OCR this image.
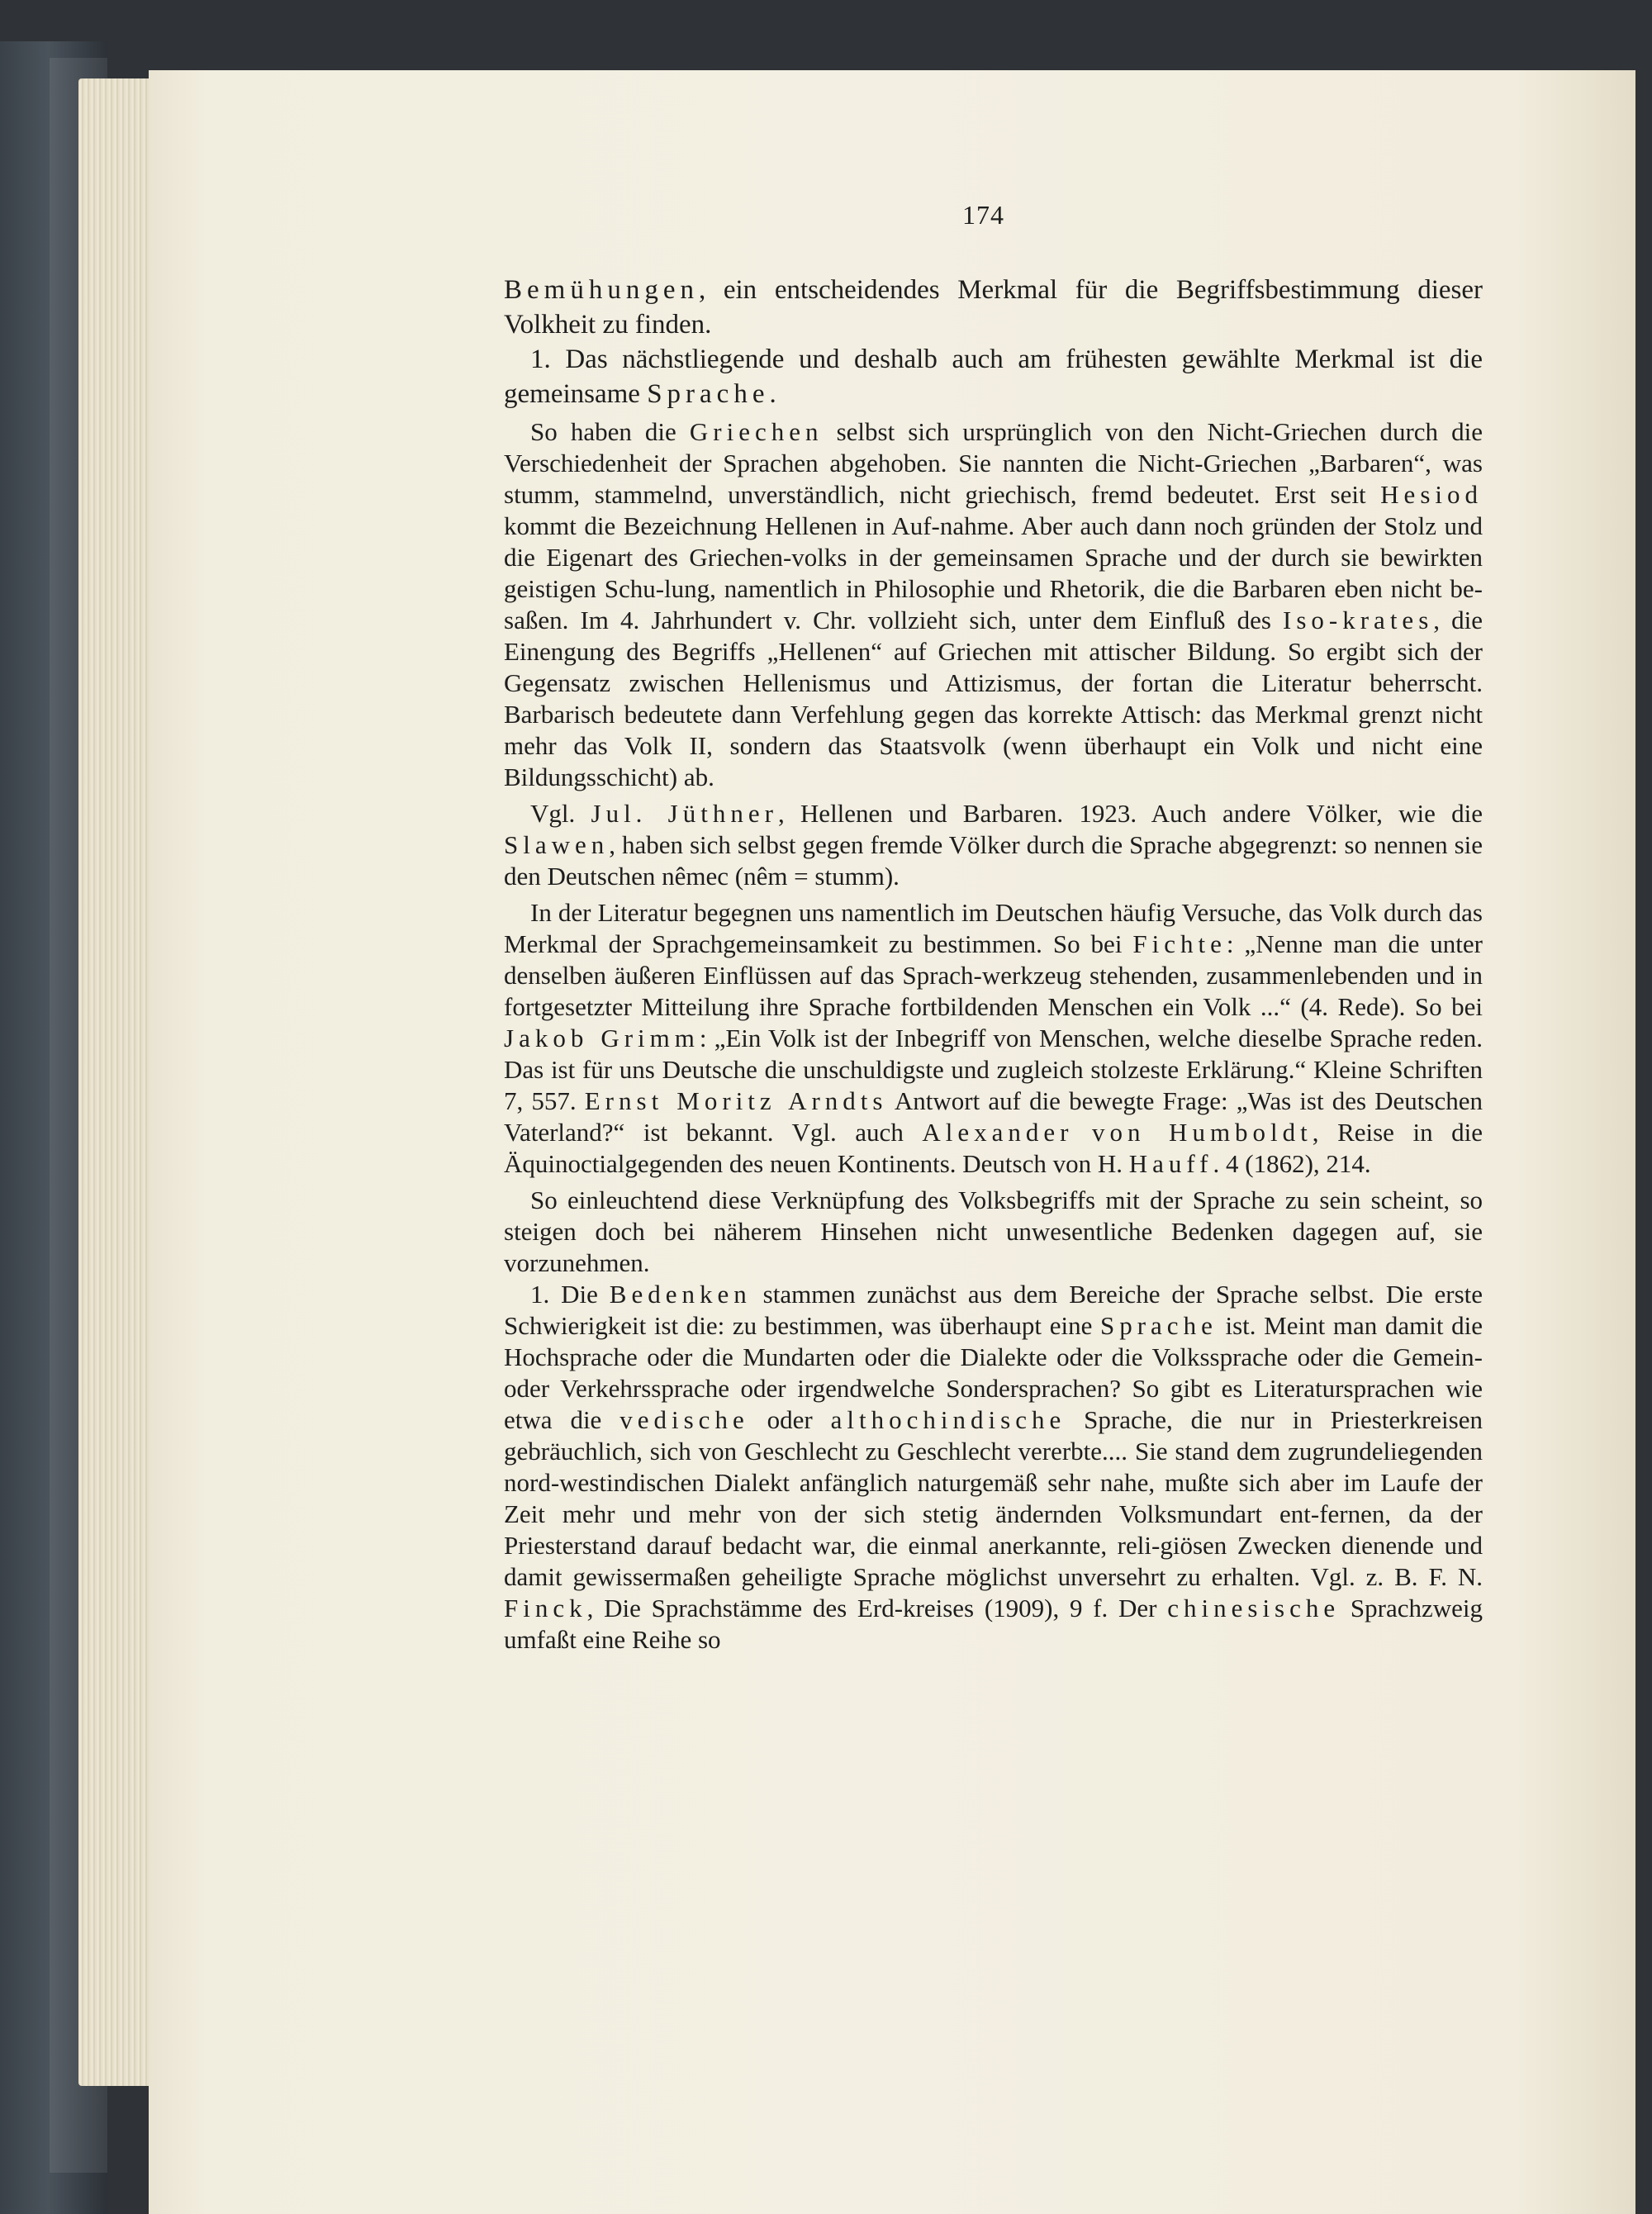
174

Bemühungen, ein entscheidendes Merkmal für die Begriffsbestimmung dieser Volkheit zu finden.

1. Das nächstliegende und deshalb auch am frühesten gewählte Merkmal ist die gemeinsame Sprache.

So haben die Griechen selbst sich ursprünglich von den Nicht-Griechen durch die Verschiedenheit der Sprachen abgehoben. Sie nannten die Nicht-Griechen „Barbaren“, was stumm, stammelnd, unverständlich, nicht griechisch, fremd bedeutet. Erst seit Hesiod kommt die Bezeichnung Hellenen in Auf-nahme. Aber auch dann noch gründen der Stolz und die Eigenart des Griechen-volks in der gemeinsamen Sprache und der durch sie bewirkten geistigen Schu-lung, namentlich in Philosophie und Rhetorik, die die Barbaren eben nicht be-saßen. Im 4. Jahrhundert v. Chr. vollzieht sich, unter dem Einfluß des Iso-krates, die Einengung des Begriffs „Hellenen“ auf Griechen mit attischer Bildung. So ergibt sich der Gegensatz zwischen Hellenismus und Attizismus, der fortan die Literatur beherrscht. Barbarisch bedeutete dann Verfehlung gegen das korrekte Attisch: das Merkmal grenzt nicht mehr das Volk II, sondern das Staatsvolk (wenn überhaupt ein Volk und nicht eine Bildungsschicht) ab.

Vgl. Jul. Jüthner, Hellenen und Barbaren. 1923. Auch andere Völker, wie die Slawen, haben sich selbst gegen fremde Völker durch die Sprache abgegrenzt: so nennen sie den Deutschen nêmec (nêm = stumm).

In der Literatur begegnen uns namentlich im Deutschen häufig Versuche, das Volk durch das Merkmal der Sprachgemeinsamkeit zu bestimmen. So bei Fichte: „Nenne man die unter denselben äußeren Einflüssen auf das Sprach-werkzeug stehenden, zusammenlebenden und in fortgesetzter Mitteilung ihre Sprache fortbildenden Menschen ein Volk ...“ (4. Rede). So bei Jakob Grimm: „Ein Volk ist der Inbegriff von Menschen, welche dieselbe Sprache reden. Das ist für uns Deutsche die unschuldigste und zugleich stolzeste Erklärung.“ Kleine Schriften 7, 557. Ernst Moritz Arndts Antwort auf die bewegte Frage: „Was ist des Deutschen Vaterland?“ ist bekannt. Vgl. auch Alexander von Humboldt, Reise in die Äquinoctialgegenden des neuen Kontinents. Deutsch von H. Hauff. 4 (1862), 214.

So einleuchtend diese Verknüpfung des Volksbegriffs mit der Sprache zu sein scheint, so steigen doch bei näherem Hinsehen nicht unwesentliche Bedenken dagegen auf, sie vorzunehmen.

1. Die Bedenken stammen zunächst aus dem Bereiche der Sprache selbst. Die erste Schwierigkeit ist die: zu bestimmen, was überhaupt eine Sprache ist. Meint man damit die Hochsprache oder die Mundarten oder die Dialekte oder die Volkssprache oder die Gemein- oder Verkehrssprache oder irgendwelche Sondersprachen? So gibt es Literatursprachen wie etwa die vedische oder althochindische Sprache, die nur in Priesterkreisen gebräuchlich, sich von Geschlecht zu Geschlecht vererbte.... Sie stand dem zugrundeliegenden nord-westindischen Dialekt anfänglich naturgemäß sehr nahe, mußte sich aber im Laufe der Zeit mehr und mehr von der sich stetig ändernden Volksmundart ent-fernen, da der Priesterstand darauf bedacht war, die einmal anerkannte, reli-giösen Zwecken dienende und damit gewissermaßen geheiligte Sprache möglichst unversehrt zu erhalten. Vgl. z. B. F. N. Finck, Die Sprachstämme des Erd-kreises (1909), 9 f. Der chinesische Sprachzweig umfaßt eine Reihe so
